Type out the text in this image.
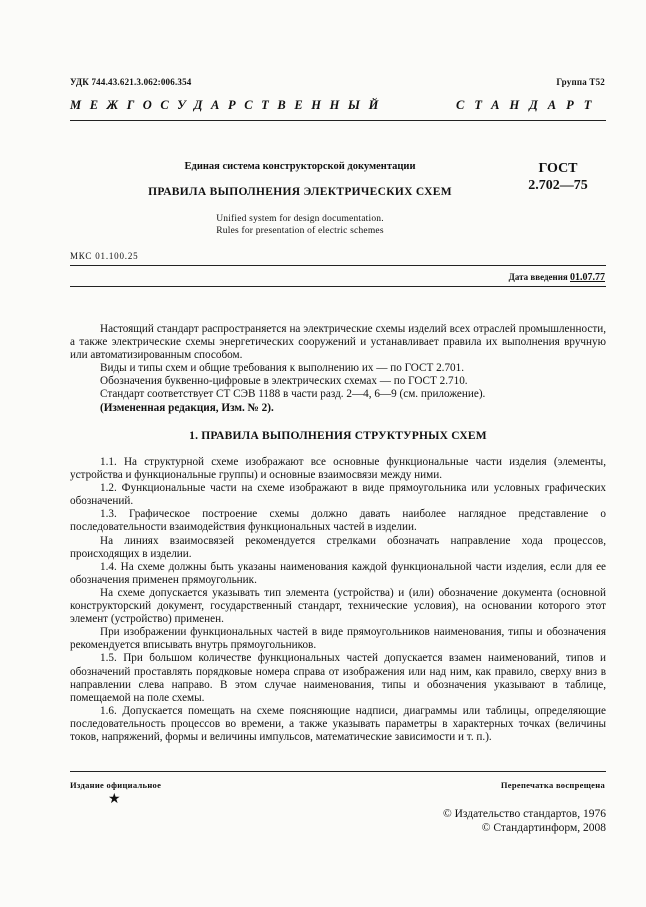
УДК 744.43.621.3.062:006.354	Группа Т52
МЕЖГОСУДАРСТВЕННЫЙ	СТАНДАРТ
Единая система конструкторской документации
ПРАВИЛА ВЫПОЛНЕНИЯ ЭЛЕКТРИЧЕСКИХ СХЕМ
ГОСТ
2.702—75
Unified system for design documentation.
Rules for presentation of electric schemes
МКС 01.100.25
Дата введения 01.07.77

Настоящий стандарт распространяется на электрические схемы изделий всех отраслей промышленности, а также электрические схемы энергетических сооружений и устанавливает правила их выполнения вручную или автоматизированным способом.

Виды и типы схем и общие требования к выполнению их — по ГОСТ 2.701.

Обозначения буквенно-цифровые в электрических схемах — по ГОСТ 2.710.

Стандарт соответствует СТ СЭВ 1188 в части разд. 2—4, 6—9 (см. приложение).

(Измененная редакция, Изм. № 2).

1. ПРАВИЛА ВЫПОЛНЕНИЯ СТРУКТУРНЫХ СХЕМ

1.1. На структурной схеме изображают все основные функциональные части изделия (элементы, устройства и функциональные группы) и основные взаимосвязи между ними.

1.2. Функциональные части на схеме изображают в виде прямоугольника или условных графических обозначений.

1.3. Графическое построение схемы должно давать наиболее наглядное представление о последовательности взаимодействия функциональных частей в изделии.

На линиях взаимосвязей рекомендуется стрелками обозначать направление хода процессов, происходящих в изделии.

1.4. На схеме должны быть указаны наименования каждой функциональной части изделия, если для ее обозначения применен прямоугольник.

На схеме допускается указывать тип элемента (устройства) и (или) обозначение документа (основной конструкторский документ, государственный стандарт, технические условия), на основании которого этот элемент (устройство) применен.

При изображении функциональных частей в виде прямоугольников наименования, типы и обозначения рекомендуется вписывать внутрь прямоугольников.

1.5. При большом количестве функциональных частей допускается взамен наименований, типов и обозначений проставлять порядковые номера справа от изображения или над ним, как правило, сверху вниз в направлении слева направо. В этом случае наименования, типы и обозначения указывают в таблице, помещаемой на поле схемы.

1.6. Допускается помещать на схеме поясняющие надписи, диаграммы или таблицы, определяющие последовательность процессов во времени, а также указывать параметры в характерных точках (величины токов, напряжений, формы и величины импульсов, математические зависимости и т. п.).

Издание официальное	Перепечатка воспрещена
★
© Издательство стандартов, 1976
© Стандартинформ, 2008
